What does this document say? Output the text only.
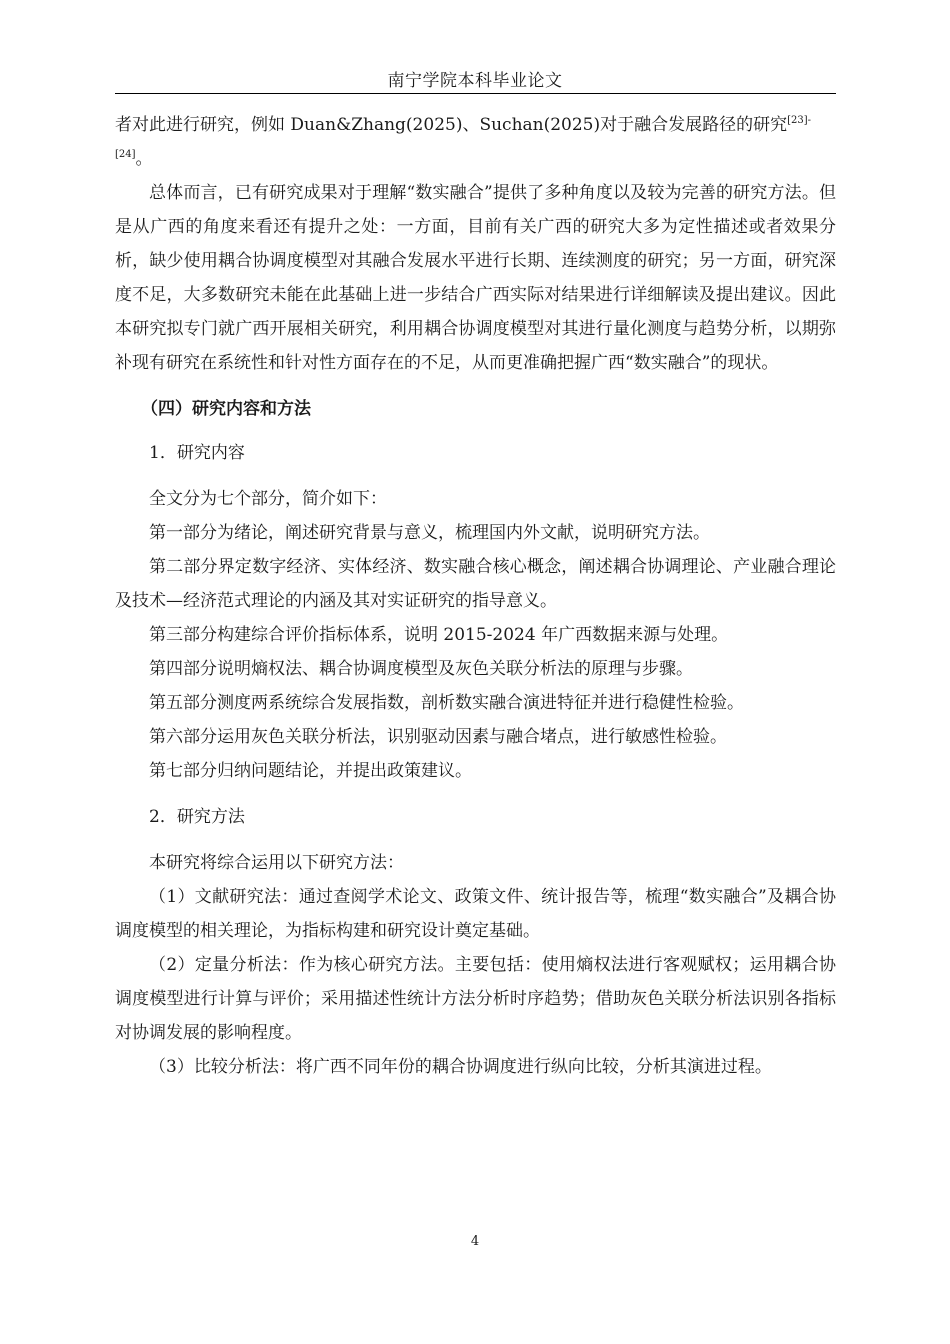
南宁学院本科毕业论文

者对此进行研究，例如 Duan&Zhang(2025)、Suchan(2025)对于融合发展路径的研究$^{[23]-}$
[24]。

总体而言，已有研究成果对于理解“数实融合”提供了多种角度以及较为完善的研究方法。但是从广西的角度来看还有提升之处：一方面，目前有关广西的研究大多为定性描述或者效果分析，缺少使用耦合协调度模型对其融合发展水平进行长期、连续测度的研究；另一方面，研究深度不足，大多数研究未能在此基础上进一步结合广西实际对结果进行详细解读及提出建议。因此本研究拟专门就广西开展相关研究，利用耦合协调度模型对其进行量化测度与趋势分析，以期弥补现有研究在系统性和针对性方面存在的不足，从而更准确把握广西“数实融合”的现状。

（四）研究内容和方法

1．研究内容

全文分为七个部分，简介如下：

第一部分为绪论，阐述研究背景与意义，梳理国内外文献，说明研究方法。

第二部分界定数字经济、实体经济、数实融合核心概念，阐述耦合协调理论、产业融合理论及技术—经济范式理论的内涵及其对实证研究的指导意义。

第三部分构建综合评价指标体系，说明 2015-2024 年广西数据来源与处理。

第四部分说明熵权法、耦合协调度模型及灰色关联分析法的原理与步骤。

第五部分测度两系统综合发展指数，剖析数实融合演进特征并进行稳健性检验。

第六部分运用灰色关联分析法，识别驱动因素与融合堵点，进行敏感性检验。

第七部分归纳问题结论，并提出政策建议。

2．研究方法

本研究将综合运用以下研究方法：

（1）文献研究法：通过查阅学术论文、政策文件、统计报告等，梳理“数实融合”及耦合协调度模型的相关理论，为指标构建和研究设计奠定基础。

（2）定量分析法：作为核心研究方法。主要包括：使用熵权法进行客观赋权；运用耦合协调度模型进行计算与评价；采用描述性统计方法分析时序趋势；借助灰色关联分析法识别各指标对协调发展的影响程度。

（3）比较分析法：将广西不同年份的耦合协调度进行纵向比较，分析其演进过程。

4
